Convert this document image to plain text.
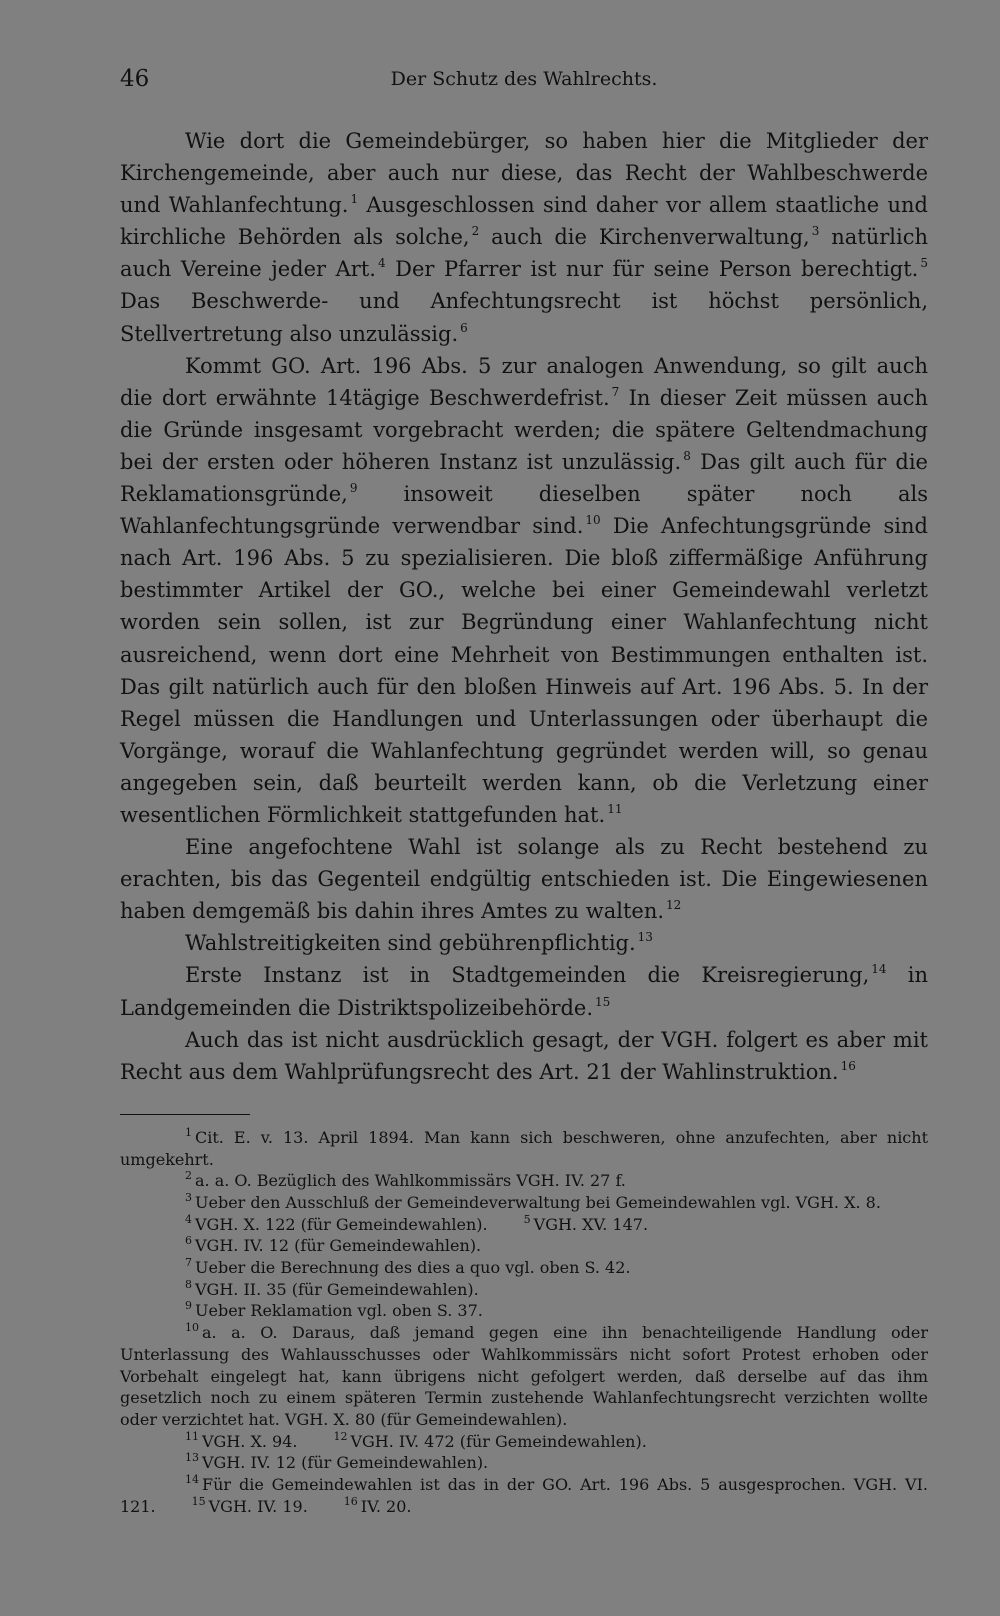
46	Der Schutz des Wahlrechts.

Wie dort die Gemeindebürger, so haben hier die Mitglieder der Kirchengemeinde, aber auch nur diese, das Recht der Wahlbeschwerde und Wahlanfechtung. $^1$ Ausgeschlossen sind daher vor allem staatliche und kirchliche Behörden als solche, $^2$ auch die Kirchenverwaltung, $^3$ natürlich auch Vereine jeder Art. $^4$ Der Pfarrer ist nur für seine Person berechtigt. $^5$ Das Beschwerde- und Anfechtungsrecht ist höchst persönlich, Stellvertretung also unzulässig. $^6$

Kommt GO. Art. 196 Abs. 5 zur analogen Anwendung, so gilt auch die dort erwähnte 14tägige Beschwerdefrist. $^7$ In dieser Zeit müssen auch die Gründe insgesamt vorgebracht werden; die spätere Geltendmachung bei der ersten oder höheren Instanz ist unzulässig. $^8$ Das gilt auch für die Reklamationsgründe, $^9$ insoweit dieselben später noch als Wahlanfechtungsgründe verwendbar sind. $^{10}$ Die Anfechtungsgründe sind nach Art. 196 Abs. 5 zu spezialisieren. Die bloß ziffermäßige Anführung bestimmter Artikel der GO., welche bei einer Gemeindewahl verletzt worden sein sollen, ist zur Begründung einer Wahlanfechtung nicht ausreichend, wenn dort eine Mehrheit von Bestimmungen enthalten ist. Das gilt natürlich auch für den bloßen Hinweis auf Art. 196 Abs. 5. In der Regel müssen die Handlungen und Unterlassungen oder überhaupt die Vorgänge, worauf die Wahlanfechtung gegründet werden will, so genau angegeben sein, daß beurteilt werden kann, ob die Verletzung einer wesentlichen Förmlichkeit stattgefunden hat. $^{11}$

Eine angefochtene Wahl ist solange als zu Recht bestehend zu erachten, bis das Gegenteil endgültig entschieden ist. Die Eingewiesenen haben demgemäß bis dahin ihres Amtes zu walten. $^{12}$

Wahlstreitigkeiten sind gebührenpflichtig. $^{13}$

Erste Instanz ist in Stadtgemeinden die Kreisregierung, $^{14}$ in Landgemeinden die Distriktspolizeibehörde. $^{15}$

Auch das ist nicht ausdrücklich gesagt, der VGH. folgert es aber mit Recht aus dem Wahlprüfungsrecht des Art. 21 der Wahlinstruktion. $^{16}$

$^1$ Cit. E. v. 13. April 1894. Man kann sich beschweren, ohne anzufechten, aber nicht umgekehrt.

$^2$ a. a. O. Bezüglich des Wahlkommissärs VGH. IV. 27 f.

$^3$ Ueber den Ausschluß der Gemeindeverwaltung bei Gemeindewahlen vgl. VGH. X. 8.

$^4$ VGH. X. 122 (für Gemeindewahlen).	$^5$ VGH. XV. 147.

$^6$ VGH. IV. 12 (für Gemeindewahlen).

$^7$ Ueber die Berechnung des dies a quo vgl. oben S. 42.

$^8$ VGH. II. 35 (für Gemeindewahlen).

$^9$ Ueber Reklamation vgl. oben S. 37.

$^{10}$ a. a. O. Daraus, daß jemand gegen eine ihn benachteiligende Handlung oder Unterlassung des Wahlausschusses oder Wahlkommissärs nicht sofort Protest erhoben oder Vorbehalt eingelegt hat, kann übrigens nicht gefolgert werden, daß derselbe auf das ihm gesetzlich noch zu einem späteren Termin zustehende Wahlanfechtungsrecht verzichten wollte oder verzichtet hat. VGH. X. 80 (für Gemeindewahlen).

$^{11}$ VGH. X. 94.	$^{12}$ VGH. IV. 472 (für Gemeindewahlen).

$^{13}$ VGH. IV. 12 (für Gemeindewahlen).

$^{14}$ Für die Gemeindewahlen ist das in der GO. Art. 196 Abs. 5 ausgesprochen. VGH. VI. 121.	$^{15}$ VGH. IV. 19.	$^{16}$ IV. 20.
